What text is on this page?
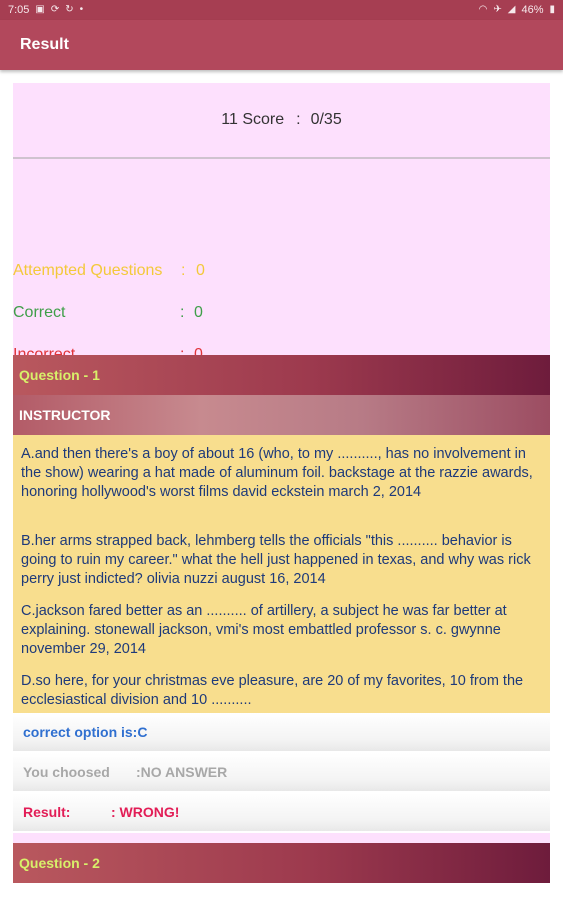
7:05 ▣ ⟳ ↻ •	◠ ✈ ◢ 46% ▮
Result
11 Score : 0/35
Attempted Questions : 0
Correct	: 0
Question - 1
INSTRUCTOR
A.and then there's a boy of about 16 (who, to my .........., has no involvement in the show) wearing a hat made of aluminum foil. backstage at the razzie awards, honoring hollywood's worst films david eckstein march 2, 2014
B.her arms strapped back, lehmberg tells the officials "this .......... behavior is going to ruin my career." what the hell just happened in texas, and why was rick perry just indicted? olivia nuzzi august 16, 2014
C.jackson fared better as an .......... of artillery, a subject he was far better at explaining. stonewall jackson, vmi's most embattled professor s. c. gwynne november 29, 2014
D.so here, for your christmas eve pleasure, are 20 of my favorites, 10 from the ecclesiastical division and 10 ..........
correct option is:C
You choosed :NO ANSWER
Result:	: WRONG!
Question - 2
